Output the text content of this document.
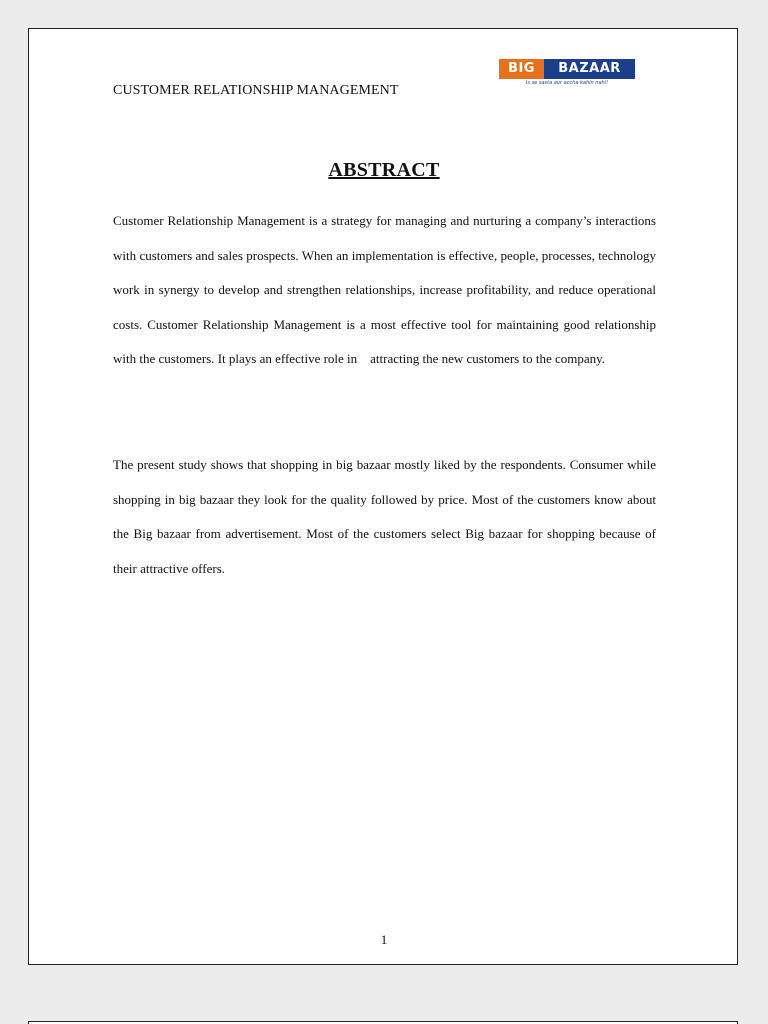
CUSTOMER RELATIONSHIP MANAGEMENT
BIG	BAZAAR
Is se sasta aur accha kahin nahi!
ABSTRACT

Customer Relationship Management is a strategy for managing and nurturing a company’s interactions with customers and sales prospects. When an implementation is effective, people, processes, technology work in synergy to develop and strengthen relationships, increase profitability, and reduce operational costs. Customer Relationship Management is a most effective tool for maintaining good relationship with the customers. It plays an effective role in    attracting the new customers to the company.

The present study shows that shopping in big bazaar mostly liked by the respondents. Consumer while shopping in big bazaar they look for the quality followed by price. Most of the customers know about the Big bazaar from advertisement. Most of the customers select Big bazaar for shopping because of their attractive offers.

1
